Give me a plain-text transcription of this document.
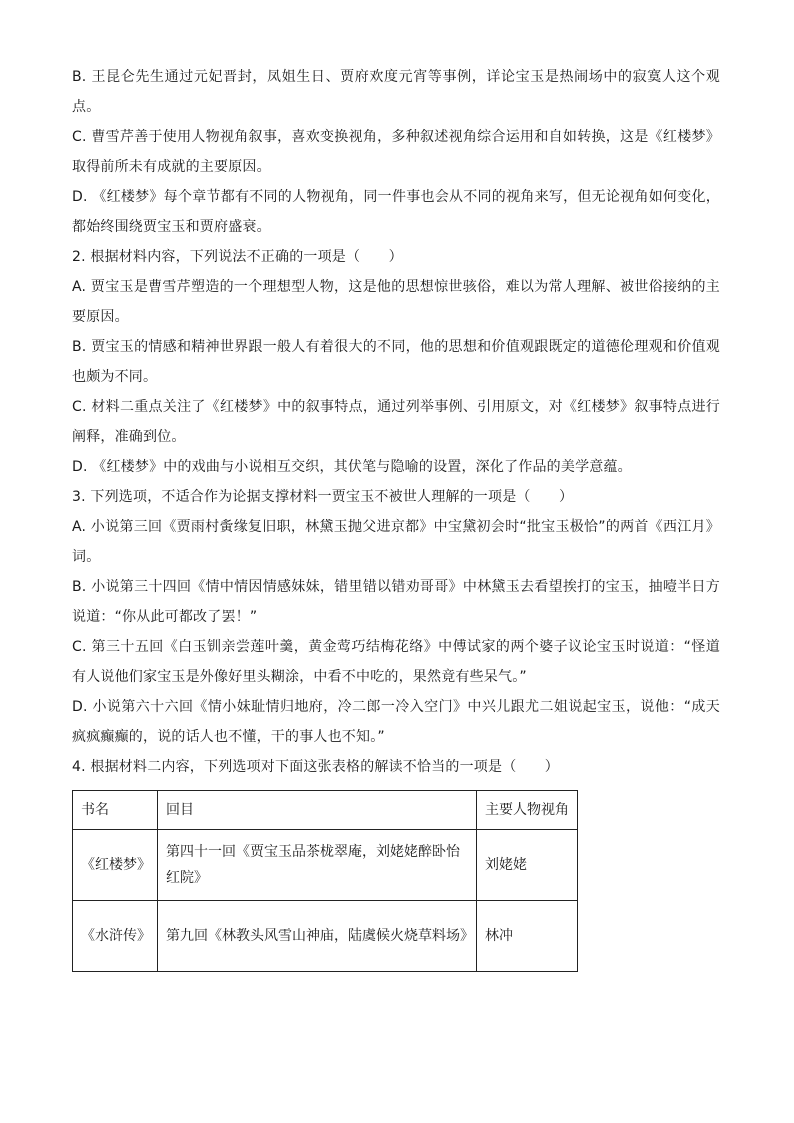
B. 王昆仑先生通过元妃晋封，凤姐生日、贾府欢度元宵等事例，详论宝玉是热闹场中的寂寞人这个观点。

C. 曹雪芹善于使用人物视角叙事，喜欢变换视角，多种叙述视角综合运用和自如转换，这是《红楼梦》取得前所未有成就的主要原因。

D. 《红楼梦》每个章节都有不同的人物视角，同一件事也会从不同的视角来写，但无论视角如何变化，都始终围绕贾宝玉和贾府盛衰。

2. 根据材料内容，下列说法不正确的一项是（　　）

A. 贾宝玉是曹雪芹塑造的一个理想型人物，这是他的思想惊世骇俗，难以为常人理解、被世俗接纳的主要原因。

B. 贾宝玉的情感和精神世界跟一般人有着很大的不同，他的思想和价值观跟既定的道德伦理观和价值观也颇为不同。

C. 材料二重点关注了《红楼梦》中的叙事特点，通过列举事例、引用原文，对《红楼梦》叙事特点进行阐释，准确到位。

D. 《红楼梦》中的戏曲与小说相互交织，其伏笔与隐喻的设置，深化了作品的美学意蕴。

3. 下列选项，不适合作为论据支撑材料一贾宝玉不被世人理解的一项是（　　）

A. 小说第三回《贾雨村夤缘复旧职，林黛玉抛父进京都》中宝黛初会时“批宝玉极恰”的两首《西江月》词。

B. 小说第三十四回《情中情因情感妹妹，错里错以错劝哥哥》中林黛玉去看望挨打的宝玉，抽噎半日方说道：“你从此可都改了罢！”

C. 第三十五回《白玉钏亲尝莲叶羹，黄金莺巧结梅花络》中傅试家的两个婆子议论宝玉时说道：“怪道有人说他们家宝玉是外像好里头糊涂，中看不中吃的，果然竟有些呆气。”

D. 小说第六十六回《情小妹耻情归地府，冷二郎一冷入空门》中兴儿跟尤二姐说起宝玉，说他：“成天疯疯癫癫的，说的话人也不懂，干的事人也不知。”

4. 根据材料二内容，下列选项对下面这张表格的解读不恰当的一项是（　　）

书名	回目	主要人物视角
《红楼梦》	第四十一回《贾宝玉品茶栊翠庵，刘姥姥醉卧怡红院》	刘姥姥
《水浒传》	第九回《林教头风雪山神庙，陆虞候火烧草料场》	林冲
